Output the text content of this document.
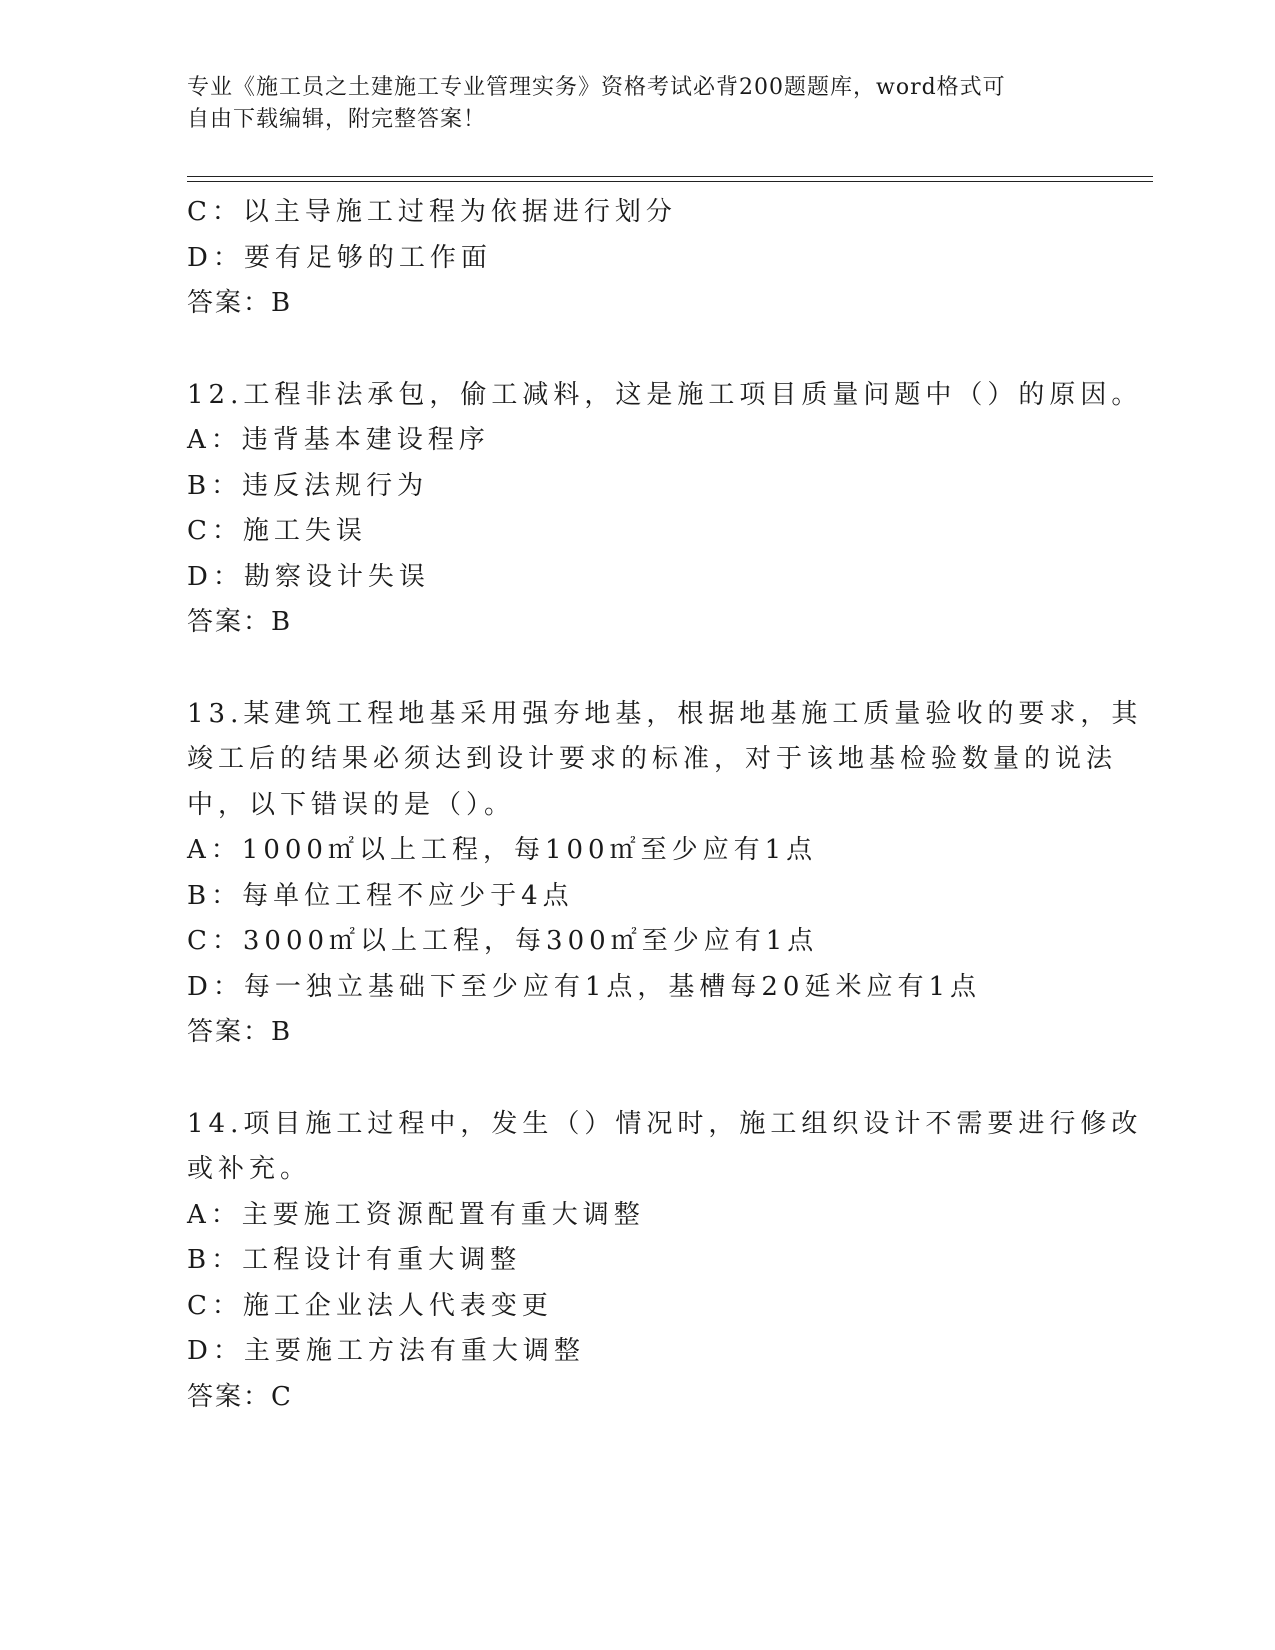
专业《施工员之土建施工专业管理实务》资格考试必背200题题库，word格式可
自由下载编辑，附完整答案！
C：以主导施工过程为依据进行划分
D：要有足够的工作面
答案：B
12.工程非法承包，偷工减料，这是施工项目质量问题中（）的原因。
A：违背基本建设程序
B：违反法规行为
C：施工失误
D：勘察设计失误
答案：B
13.某建筑工程地基采用强夯地基，根据地基施工质量验收的要求，其
竣工后的结果必须达到设计要求的标准，对于该地基检验数量的说法
中，以下错误的是（）。
A：1000㎡以上工程，每100㎡至少应有1点
B：每单位工程不应少于4点
C：3000㎡以上工程，每300㎡至少应有1点
D：每一独立基础下至少应有1点，基槽每20延米应有1点
答案：B
14.项目施工过程中，发生（）情况时，施工组织设计不需要进行修改
或补充。
A：主要施工资源配置有重大调整
B：工程设计有重大调整
C：施工企业法人代表变更
D：主要施工方法有重大调整
答案：C
